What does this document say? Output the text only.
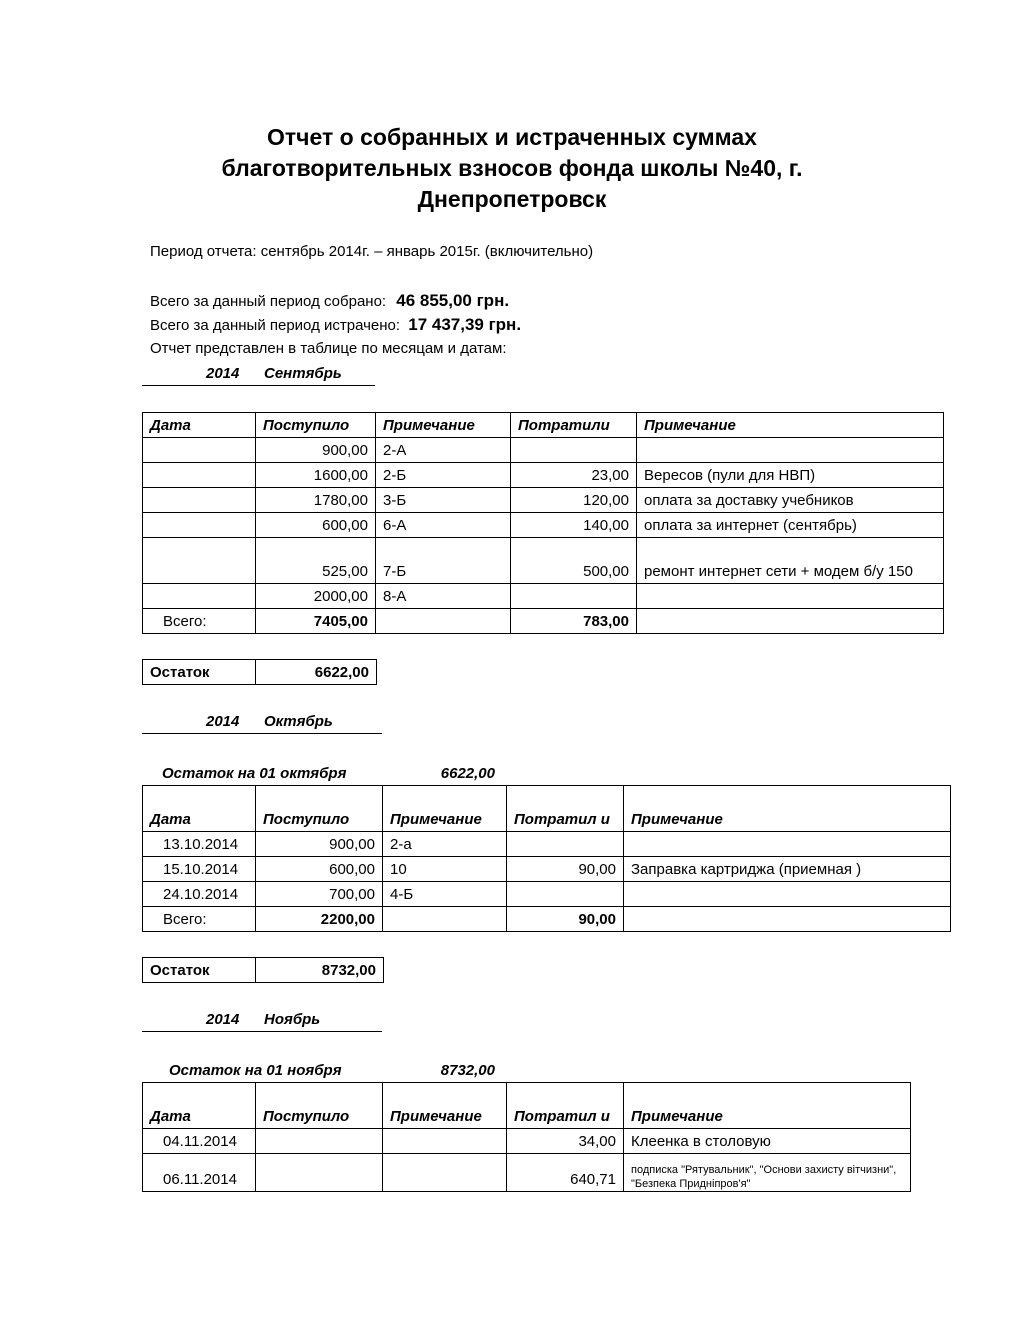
Отчет о собранных и истраченных суммах
благотворительных взносов фонда школы №40, г.
Днепропетровск
Период отчета: сентябрь 2014г. – январь 2015г. (включительно)
Всего за данный период собрано: 46 855,00 грн.
Всего за данный период истрачено: 17 437,39 грн.
Отчет представлен в таблице по месяцам и датам:
2014 Сентябрь
Дата	Поступило	Примечание	Потратили	Примечание
	900,00	2-А		
	1600,00	2-Б	23,00	Вересов (пули для НВП)
	1780,00	3-Б	120,00	оплата за доставку учебников
	600,00	6-А	140,00	оплата за интернет (сентябрь)
	525,00	7-Б	500,00	ремонт интернет сети + модем б/у 150
	2000,00	8-А		
Всего:	7405,00		783,00	
Остаток	6622,00
2014 Октябрь
Остаток на 01 октября	6622,00
Дата	Поступило	Примечание	Потратил и	Примечание
13.10.2014	900,00	2-а		
15.10.2014	600,00	10	90,00	Заправка картриджа (приемная )
24.10.2014	700,00	4-Б		
Всего:	2200,00		90,00	
Остаток	8732,00
2014 Ноябрь
Остаток на 01 ноября	8732,00
Дата	Поступило	Примечание	Потратил и	Примечание
04.11.2014			34,00	Клеенка в столовую
06.11.2014			640,71	подписка "Рятувальник", "Основи захисту вітчизни", "Безпека Придніпров'я"
